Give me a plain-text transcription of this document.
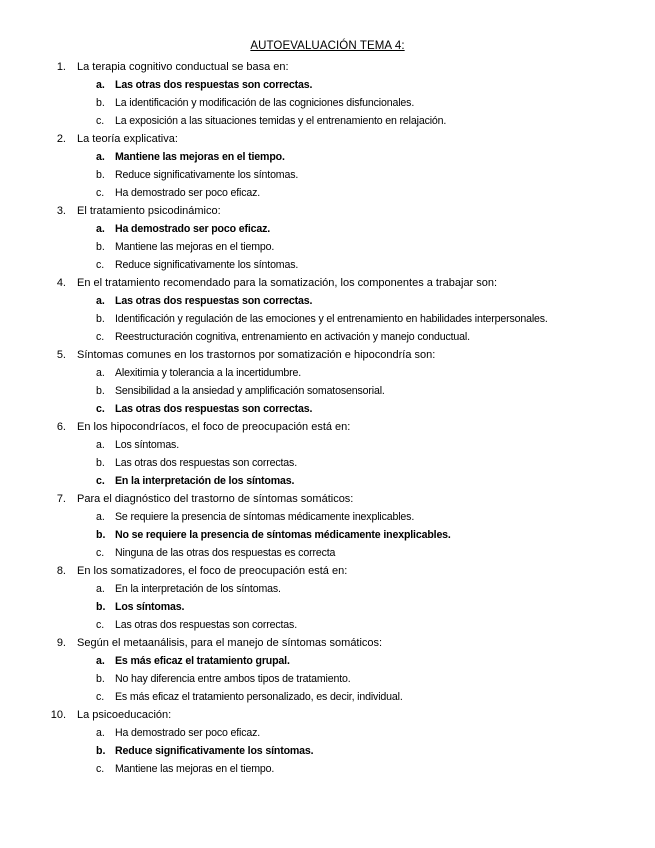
AUTOEVALUACIÓN TEMA 4:
1. La terapia cognitivo conductual se basa en:
a. Las otras dos respuestas son correctas.
b. La identificación y modificación de las cogniciones disfuncionales.
c. La exposición a las situaciones temidas y el entrenamiento en relajación.
2. La teoría explicativa:
a. Mantiene las mejoras en el tiempo.
b. Reduce significativamente los síntomas.
c. Ha demostrado ser poco eficaz.
3. El tratamiento psicodinámico:
a. Ha demostrado ser poco eficaz.
b. Mantiene las mejoras en el tiempo.
c. Reduce significativamente los síntomas.
4. En el tratamiento recomendado para la somatización, los componentes a trabajar son:
a. Las otras dos respuestas son correctas.
b. Identificación y regulación de las emociones y el entrenamiento en habilidades interpersonales.
c. Reestructuración cognitiva, entrenamiento en activación y manejo conductual.
5. Síntomas comunes en los trastornos por somatización e hipocondría son:
a. Alexitimia y tolerancia a la incertidumbre.
b. Sensibilidad a la ansiedad y amplificación somatosensorial.
c. Las otras dos respuestas son correctas.
6. En los hipocondríacos, el foco de preocupación está en:
a. Los síntomas.
b. Las otras dos respuestas son correctas.
c. En la interpretación de los síntomas.
7. Para el diagnóstico del trastorno de síntomas somáticos:
a. Se requiere la presencia de síntomas médicamente inexplicables.
b. No se requiere la presencia de síntomas médicamente inexplicables.
c. Ninguna de las otras dos respuestas es correcta
8. En los somatizadores, el foco de preocupación está en:
a. En la interpretación de los síntomas.
b. Los síntomas.
c. Las otras dos respuestas son correctas.
9. Según el metaanálisis, para el manejo de síntomas somáticos:
a. Es más eficaz el tratamiento grupal.
b. No hay diferencia entre ambos tipos de tratamiento.
c. Es más eficaz el tratamiento personalizado, es decir, individual.
10. La psicoeducación:
a. Ha demostrado ser poco eficaz.
b. Reduce significativamente los síntomas.
c. Mantiene las mejoras en el tiempo.
